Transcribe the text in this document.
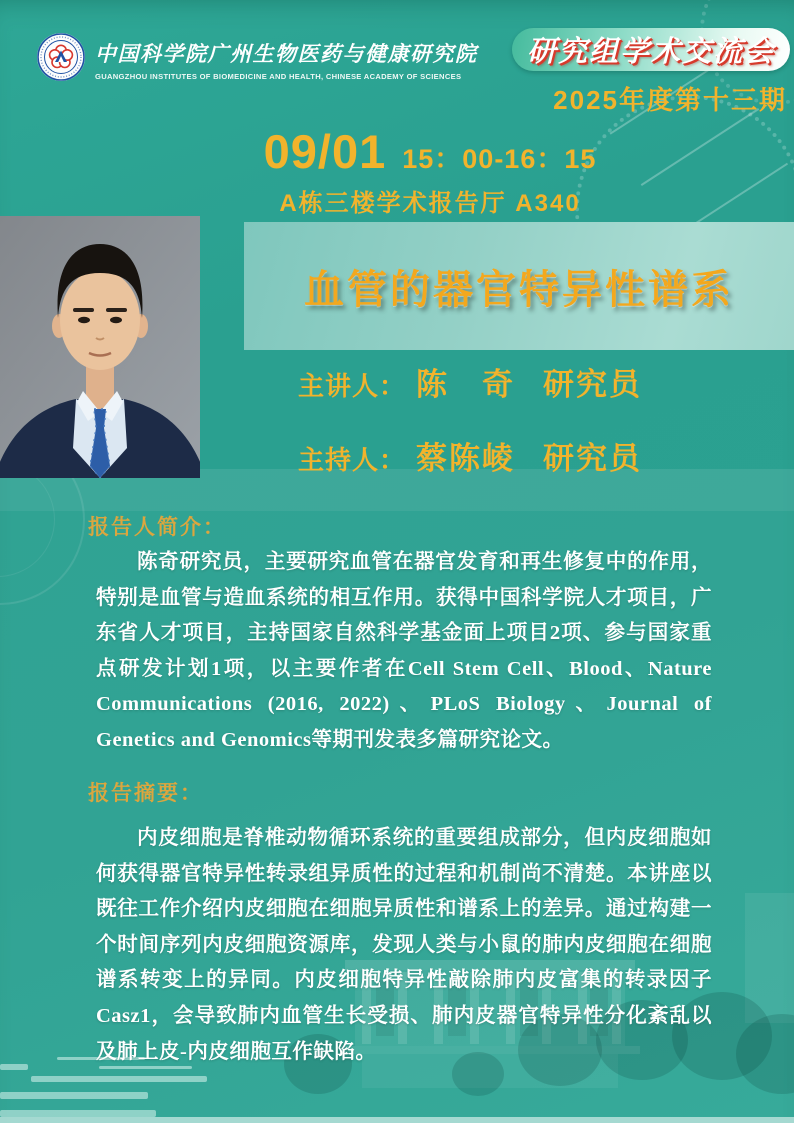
中国科学院广州生物医药与健康研究院
GUANGZHOU INSTITUTES OF BIOMEDICINE AND HEALTH, CHINESE ACADEMY OF SCIENCES
研究组学术交流会
2025年度第十三期
09/01 15：00-16：15
A栋三楼学术报告厅 A340
血管的器官特异性谱系
主讲人： 陈　奇 研究员
主持人： 蔡陈崚 研究员
报告人简介：
陈奇研究员，主要研究血管在器官发育和再生修复中的作用，特别是血管与造血系统的相互作用。获得中国科学院人才项目，广东省人才项目，主持国家自然科学基金面上项目2项、参与国家重点研发计划1项，以主要作者在Cell Stem Cell、Blood、Nature Communications (2016, 2022)、PLoS Biology、Journal of Genetics and Genomics等期刊发表多篇研究论文。
报告摘要：
内皮细胞是脊椎动物循环系统的重要组成部分，但内皮细胞如何获得器官特异性转录组异质性的过程和机制尚不清楚。本讲座以既往工作介绍内皮细胞在细胞异质性和谱系上的差异。通过构建一个时间序列内皮细胞资源库，发现人类与小鼠的肺内皮细胞在细胞谱系转变上的异同。内皮细胞特异性敲除肺内皮富集的转录因子Casz1，会导致肺内血管生长受损、肺内皮器官特异性分化紊乱以及肺上皮-内皮细胞互作缺陷。
